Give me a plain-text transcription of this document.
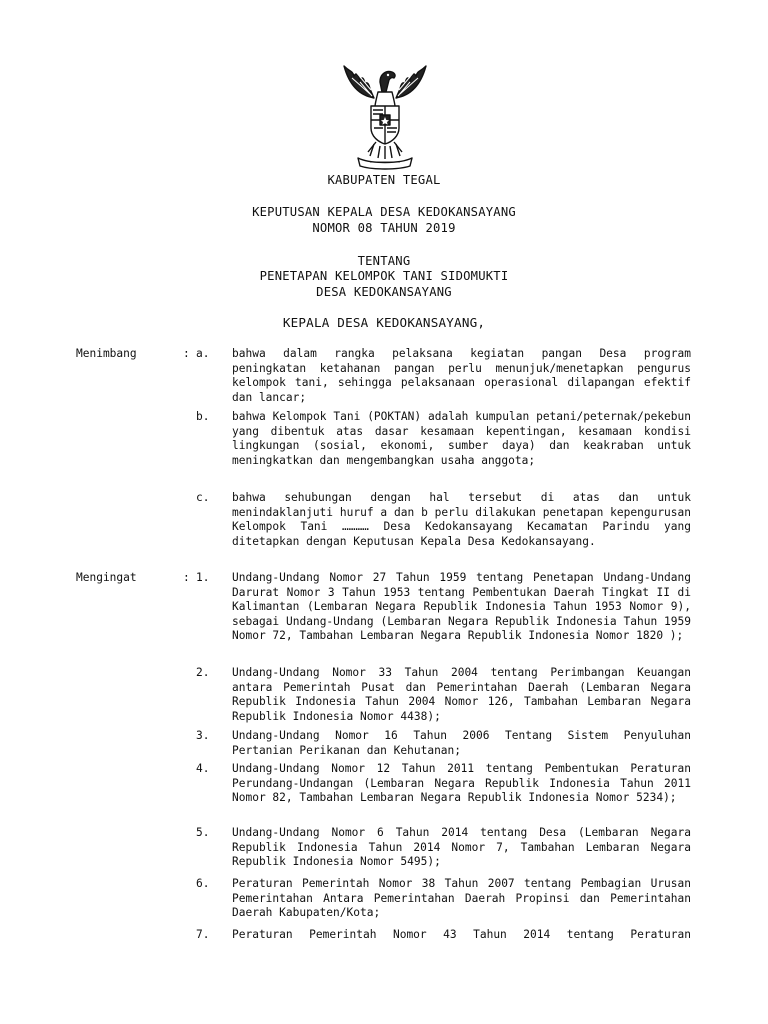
KABUPATEN TEGAL
KEPUTUSAN KEPALA DESA KEDOKANSAYANG
NOMOR 08 TAHUN 2019
TENTANG
PENETAPAN KELOMPOK TANI SIDOMUKTI
DESA KEDOKANSAYANG
KEPALA DESA KEDOKANSAYANG,
Menimbang	: a. bahwa dalam rangka pelaksana kegiatan pangan Desa program peningkatan ketahanan pangan perlu menunjuk/menetapkan pengurus kelompok tani, sehingga pelaksanaan operasional dilapangan efektif dan lancar;
b. bahwa Kelompok Tani (POKTAN) adalah kumpulan petani/peternak/pekebun yang dibentuk atas dasar kesamaan kepentingan, kesamaan kondisi lingkungan (sosial, ekonomi, sumber daya) dan keakraban untuk meningkatkan dan mengembangkan usaha anggota;
c. bahwa sehubungan dengan hal tersebut di atas dan untuk menindaklanjuti huruf a dan b perlu dilakukan penetapan kepengurusan Kelompok Tani ………… Desa Kedokansayang Kecamatan Parindu yang ditetapkan dengan Keputusan Kepala Desa Kedokansayang.
Mengingat	: 1. Undang-Undang Nomor 27 Tahun 1959 tentang Penetapan Undang-Undang Darurat Nomor 3 Tahun 1953 tentang Pembentukan Daerah Tingkat II di Kalimantan (Lembaran Negara Republik Indonesia Tahun 1953 Nomor 9), sebagai Undang-Undang (Lembaran Negara Republik Indonesia Tahun 1959 Nomor 72, Tambahan Lembaran Negara Republik Indonesia Nomor 1820 );
2. Undang-Undang Nomor 33 Tahun 2004 tentang Perimbangan Keuangan antara Pemerintah Pusat dan Pemerintahan Daerah (Lembaran Negara Republik Indonesia Tahun 2004 Nomor 126, Tambahan Lembaran Negara Republik Indonesia Nomor 4438);
3. Undang-Undang Nomor 16 Tahun 2006 Tentang Sistem Penyuluhan Pertanian Perikanan dan Kehutanan;
4. Undang-Undang Nomor 12 Tahun 2011 tentang Pembentukan Peraturan Perundang-Undangan (Lembaran Negara Republik Indonesia Tahun 2011 Nomor 82, Tambahan Lembaran Negara Republik Indonesia Nomor 5234);
5. Undang-Undang Nomor 6 Tahun 2014 tentang Desa (Lembaran Negara Republik Indonesia Tahun 2014 Nomor 7, Tambahan Lembaran Negara Republik Indonesia Nomor 5495);
6. Peraturan Pemerintah Nomor 38 Tahun 2007 tentang Pembagian Urusan Pemerintahan Antara Pemerintahan Daerah Propinsi dan Pemerintahan Daerah Kabupaten/Kota;
7. Peraturan Pemerintah Nomor 43 Tahun 2014 tentang Peraturan
